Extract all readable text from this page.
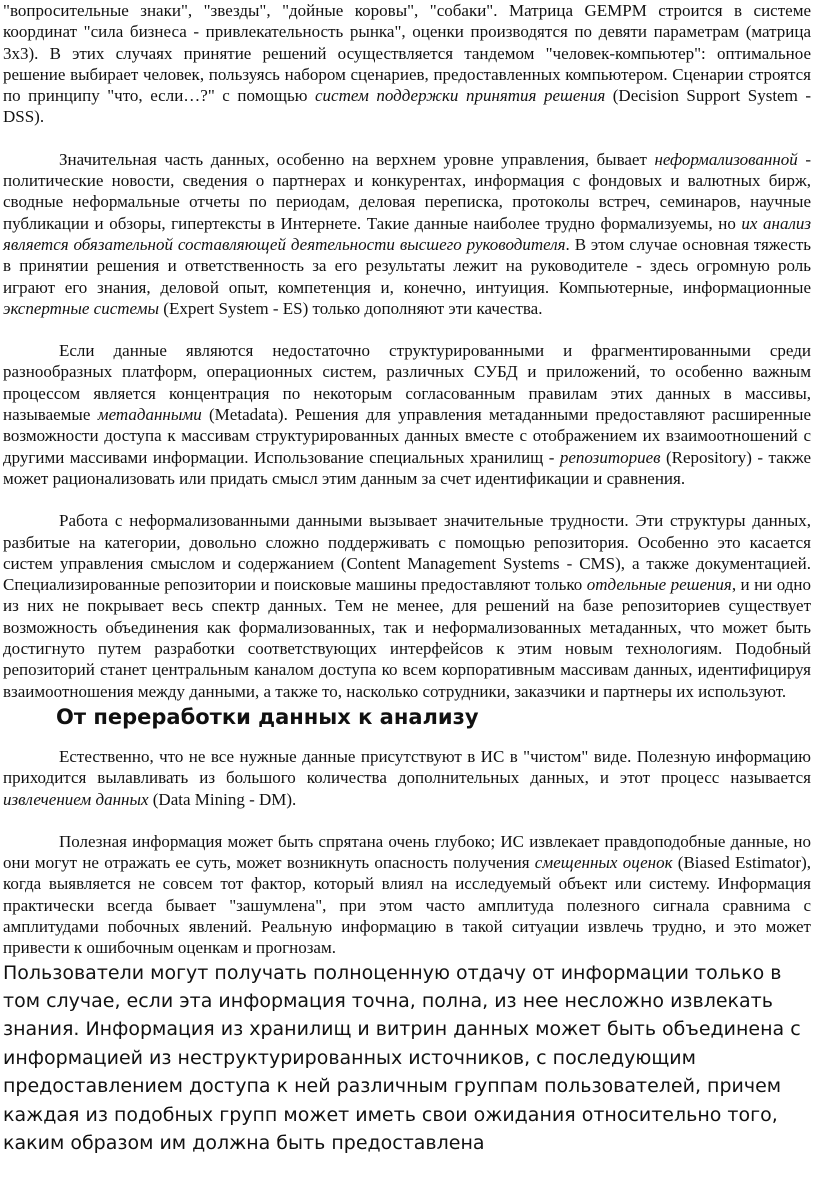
"вопросительные знаки", "звезды", "дойные коровы", "собаки". Матрица GEMPM строится в системе координат "сила бизнеса - привлекательность рынка", оценки производятся по девяти параметрам (матрица 3x3). В этих случаях принятие решений осуществляется тандемом "человек-компьютер": оптимальное решение выбирает человек, пользуясь набором сценариев, предоставленных компьютером. Сценарии строятся по принципу "что, если…?" с помощью систем поддержки принятия решения (Decision Support System - DSS).

Значительная часть данных, особенно на верхнем уровне управления, бывает неформализованной - политические новости, сведения о партнерах и конкурентах, информация с фондовых и валютных бирж, сводные неформальные отчеты по периодам, деловая переписка, протоколы встреч, семинаров, научные публикации и обзоры, гипертексты в Интернете. Такие данные наиболее трудно формализуемы, но их анализ является обязательной составляющей деятельности высшего руководителя. В этом случае основная тяжесть в принятии решения и ответственность за его результаты лежит на руководителе - здесь огромную роль играют его знания, деловой опыт, компетенция и, конечно, интуиция. Компьютерные, информационные экспертные системы (Expert System - ES) только дополняют эти качества.

Если данные являются недостаточно структурированными и фрагментированными среди разнообразных платформ, операционных систем, различных СУБД и приложений, то особенно важным процессом является концентрация по некоторым согласованным правилам этих данных в массивы, называемые метаданными (Metadata). Решения для управления метаданными предоставляют расширенные возможности доступа к массивам структурированных данных вместе с отображением их взаимоотношений с другими массивами информации. Использование специальных хранилищ - репозиториев (Repository) - также может рационализовать или придать смысл этим данным за счет идентификации и сравнения.

Работа с неформализованными данными вызывает значительные трудности. Эти структуры данных, разбитые на категории, довольно сложно поддерживать с помощью репозитория. Особенно это касается систем управления смыслом и содержанием (Content Management Systems - CMS), а также документацией. Специализированные репозитории и поисковые машины предоставляют только отдельные решения, и ни одно из них не покрывает весь спектр данных. Тем не менее, для решений на базе репозиториев существует возможность объединения как формализованных, так и неформализованных метаданных, что может быть достигнуто путем разработки соответствующих интерфейсов к этим новым технологиям. Подобный репозиторий станет центральным каналом доступа ко всем корпоративным массивам данных, идентифицируя взаимоотношения между данными, а также то, насколько сотрудники, заказчики и партнеры их используют.

От переработки данных к анализу

Естественно, что не все нужные данные присутствуют в ИС в "чистом" виде. Полезную информацию приходится вылавливать из большого количества дополнительных данных, и этот процесс называется извлечением данных (Data Mining - DM).

Полезная информация может быть спрятана очень глубоко; ИС извлекает правдоподобные данные, но они могут не отражать ее суть, может возникнуть опасность получения смещенных оценок (Biased Estimator), когда выявляется не совсем тот фактор, который влиял на исследуемый объект или систему. Информация практически всегда бывает "зашумлена", при этом часто амплитуда полезного сигнала сравнима с амплитудами побочных явлений. Реальную информацию в такой ситуации извлечь трудно, и это может привести к ошибочным оценкам и прогнозам.

Пользователи могут получать полноценную отдачу от информации только в том случае, если эта информация точна, полна, из нее несложно извлекать знания. Информация из хранилищ и витрин данных может быть объединена с информацией из неструктурированных источников, с последующим предоставлением доступа к ней различным группам пользователей, причем каждая из подобных групп может иметь свои ожидания относительно того, каким образом им должна быть предоставлена
